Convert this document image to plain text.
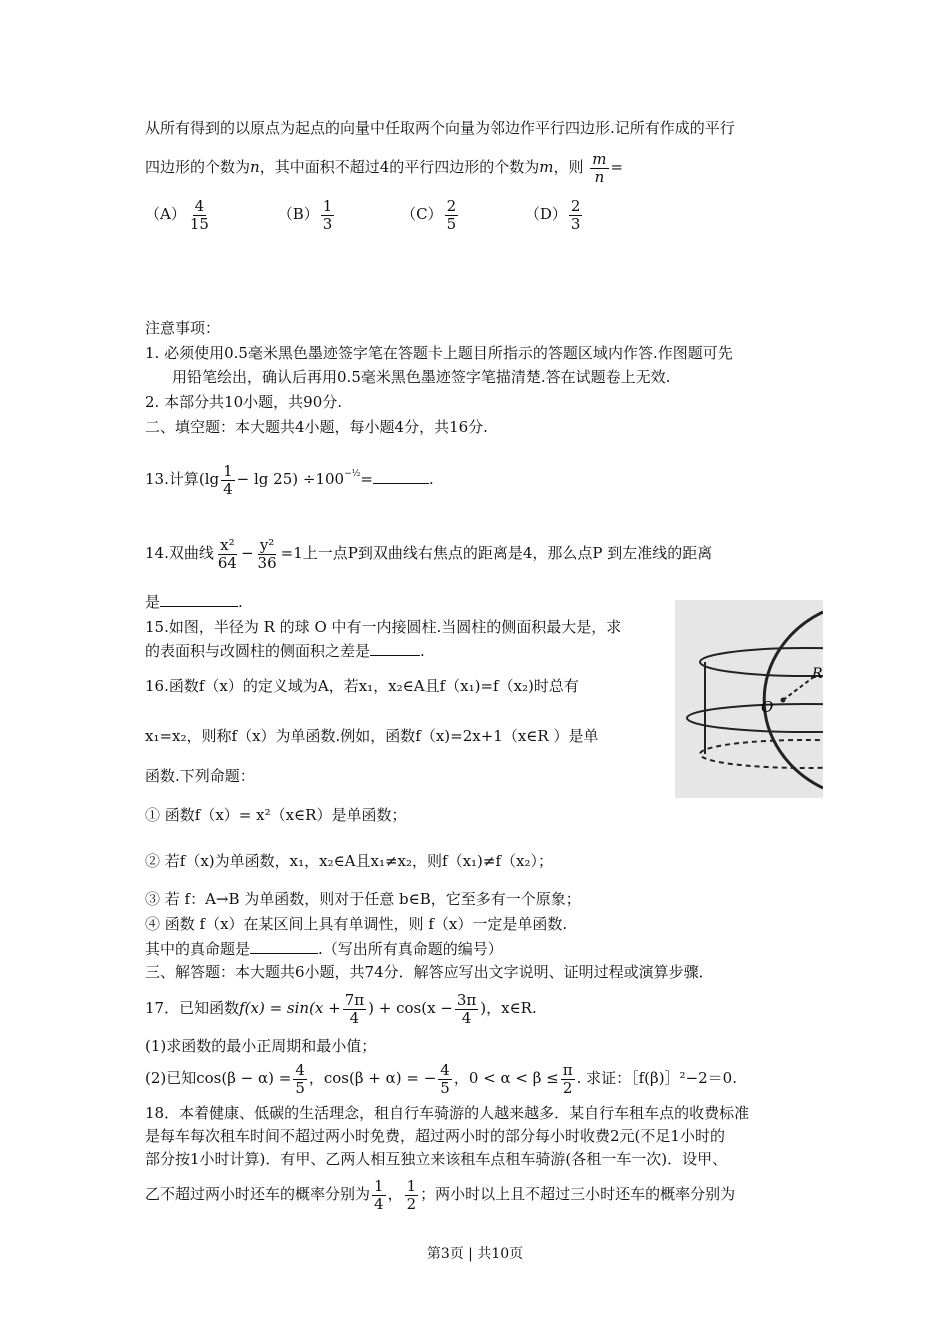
从所有得到的以原点为起点的向量中任取两个向量为邻边作平行四边形.记所有作成的平行
四边形的个数为n，其中面积不超过4的平行四边形的个数为m，则 $\frac{m}{n}$ =
$(A) \frac{4}{15}$	$(B) \frac{1}{3}$	$(C) \frac{2}{5}$	$(D) \frac{2}{3}$
注意事项：
1. 必须使用0.5毫米黑色墨迹签字笔在答题卡上题目所指示的答题区域内作答.作图题可先
用铅笔绘出，确认后再用0.5毫米黑色墨迹签字笔描清楚.答在试题卷上无效.
2. 本部分共10小题，共90分.
二、填空题：本大题共4小题，每小题4分，共16分.
13.计算$(\lg \frac{1}{4} - \lg 25) \div 100^{-\frac{1}{2}}=$	.
14.双曲线 $\frac{\text{x²}}{64} - \frac{\text{y²}}{36} =1$上一点P到双曲线右焦点的距离是4，那么点P 到左准线的距离
是	.
15.如图，半径为 R 的球 O 中有一内接圆柱.当圆柱的侧面积最大是，求
的表面积与改圆柱的侧面积之差是	.
O
R
16.函数f（x）的定义域为A，若x₁，x₂∈A且f（x₁)=f（x₂)时总有
x₁=x₂，则称f（x）为单函数.例如，函数f（x)=2x+1（x∈R ）是单
函数.下列命题：
① 函数f（x）= x²（x∈R）是单函数；
② 若f（x)为单函数，x₁，x₂∈A且x₁≠x₂，则f（x₁)≠f（x₂）；
③ 若 f：A→B 为单函数，则对于任意 b∈B，它至多有一个原象；
④ 函数 f（x）在某区间上具有单调性，则 f（x）一定是单函数.
其中的真命题是	.（写出所有真命题的编号）
三、解答题：本大题共6小题，共74分．解答应写出文字说明、证明过程或演算步骤．
17．已知函数$f(x) = \sin(x + \frac{7\pi}{4}$ ) + $\cos(x - \frac{3\pi}{4}$ )，x∈R.
(1)求函数的最小正周期和最小值；
(2)已知$\cos(\beta - \alpha) = \frac{4}{5}$ ，cos(β + α) = − $\frac{4}{5}$ ，$0 < \alpha < \beta \le \frac{\pi}{2}$ . 求证：［f(β)］²−2＝0.
18．本着健康、低碳的生活理念，租自行车骑游的人越来越多．某自行车租车点的收费标准
是每车每次租车时间不超过两小时免费，超过两小时的部分每小时收费2元(不足1小时的
部分按1小时计算)．有甲、乙两人相互独立来该租车点租车骑游(各租一车一次)．设甲、
乙不超过两小时还车的概率分别为 $\frac{1}{4}$ ， $\frac{1}{2}$ ；两小时以上且不超过三小时还车的概率分别为
第3页 | 共10页
